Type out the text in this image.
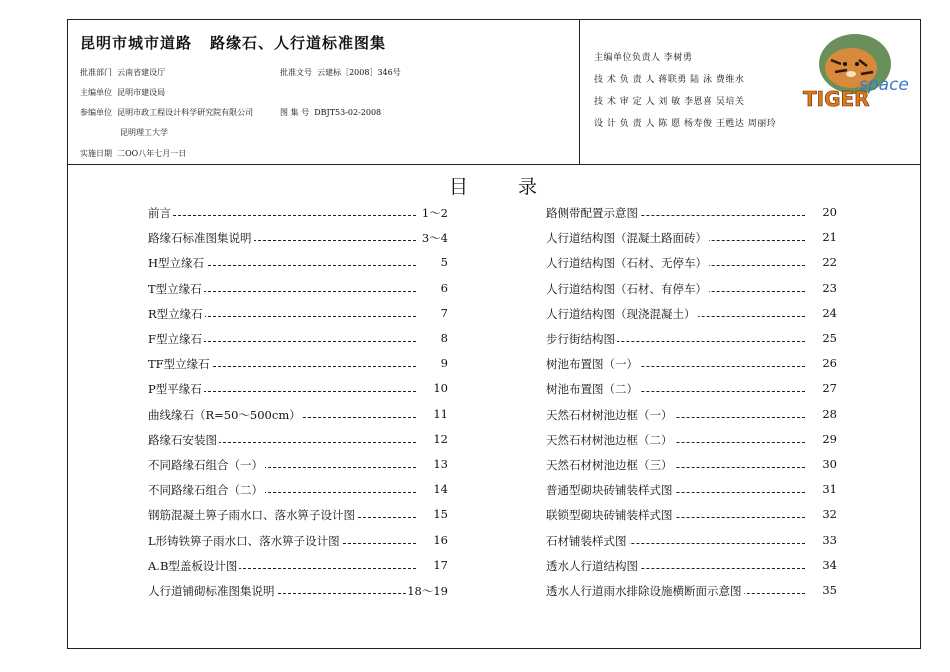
昆明市城市道路 路缘石、人行道标准图集
批准部门 云南省建设厅	批准文号 云建标［2008］346号
主编单位 昆明市建设局
参编单位 昆明市政工程设计科学研究院有限公司	图 集 号 DBJT53-02-2008
昆明理工大学
实施日期 二OO八年七月一日
主编单位负责人 李树勇
技 术 负 责 人 蒋联勇 陆 泳 费维水
技 术 审 定 人 刘 敏 李恩喜 吴培关
设 计 负 责 人 陈 愿 杨寿俊 王甦达 周丽玲
TIGER
space
目	录
前言	1～2
路缘石标准图集说明	3～4
H型立缘石	5
T型立缘石	6
R型立缘石	7
F型立缘石	8
TF型立缘石	9
P型平缘石	10
曲线缘石（R=50～500cm）	11
路缘石安装图	12
不同路缘石组合（一）	13
不同路缘石组合（二）	14
钢筋混凝土箅子雨水口、落水箅子设计图	15
L形铸铁箅子雨水口、落水箅子设计图	16
A.B型盖板设计图	17
人行道铺砌标准图集说明	18～19
路侧带配置示意图	20
人行道结构图（混凝土路面砖）	21
人行道结构图（石材、无停车）	22
人行道结构图（石材、有停车）	23
人行道结构图（现浇混凝土）	24
步行街结构图	25
树池布置图（一）	26
树池布置图（二）	27
天然石材树池边框（一）	28
天然石材树池边框（二）	29
天然石材树池边框（三）	30
普通型砌块砖铺装样式图	31
联锁型砌块砖铺装样式图	32
石材铺装样式图	33
透水人行道结构图	34
透水人行道雨水排除设施横断面示意图	35
